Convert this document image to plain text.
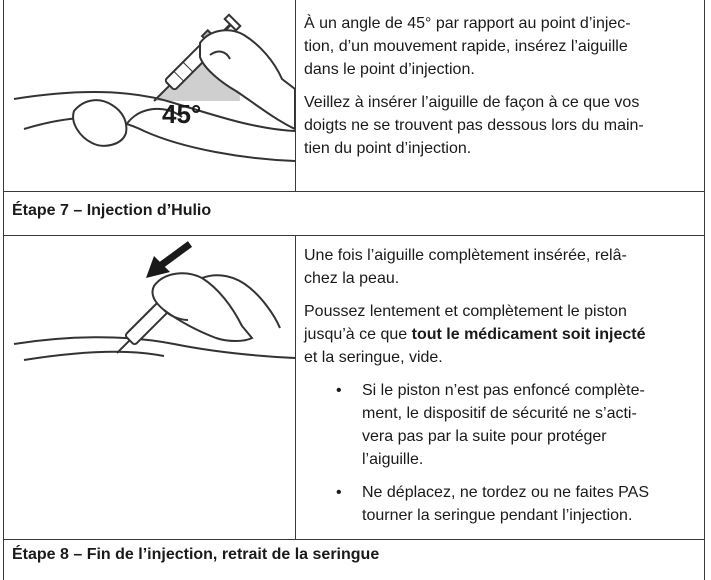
45°

À un angle de 45° par rapport au point d’injec-
tion, d’un mouvement rapide, insérez l’aiguille
dans le point d’injection.

Veillez à insérer l’aiguille de façon à ce que vos
doigts ne se trouvent pas dessous lors du main-
tien du point d’injection.

Étape 7 – Injection d’Hulio

Une fois l’aiguille complètement insérée, relâ-
chez la peau.

Poussez lentement et complètement le piston
jusqu’à ce que tout le médicament soit injecté
et la seringue, vide.

• Si le piston n’est pas enfoncé complète-
ment, le dispositif de sécurité ne s’acti-
vera pas par la suite pour protéger
l’aiguille.
• Ne déplacez, ne tordez ou ne faites PAS
tourner la seringue pendant l’injection.

Étape 8 – Fin de l’injection, retrait de la seringue
